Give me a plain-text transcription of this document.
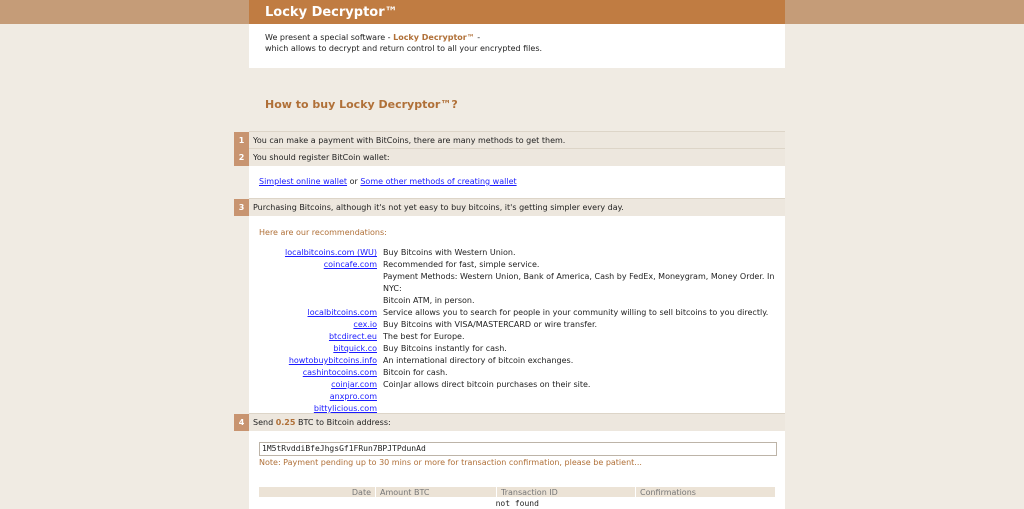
Locky Decryptor™
We present a special software - Locky Decryptor™ -
which allows to decrypt and return control to all your encrypted files.
How to buy Locky Decryptor™?
1	You can make a payment with BitCoins, there are many methods to get them.
2	You should register BitCoin wallet:
Simplest online wallet or Some other methods of creating wallet
3	Purchasing Bitcoins, although it's not yet easy to buy bitcoins, it's getting simpler every day.
Here are our recommendations:
localbitcoins.com (WU) Buy Bitcoins with Western Union.
coincafe.com Recommended for fast, simple service.
Payment Methods: Western Union, Bank of America, Cash by FedEx, Moneygram, Money Order. In NYC:
Bitcoin ATM, in person.
localbitcoins.com Service allows you to search for people in your community willing to sell bitcoins to you directly.
cex.io Buy Bitcoins with VISA/MASTERCARD or wire transfer.
btcdirect.eu The best for Europe.
bitquick.co Buy Bitcoins instantly for cash.
howtobuybitcoins.info An international directory of bitcoin exchanges.
cashintocoins.com Bitcoin for cash.
coinjar.com CoinJar allows direct bitcoin purchases on their site.
anxpro.com
bittylicious.com
4	Send 0.25 BTC to Bitcoin address:
1M5tRvddiBfeJhgsGf1FRun7BPJTPdunAd
Note: Payment pending up to 30 mins or more for transaction confirmation, please be patient...
Date	Amount BTC	Transaction ID	Confirmations
not found
